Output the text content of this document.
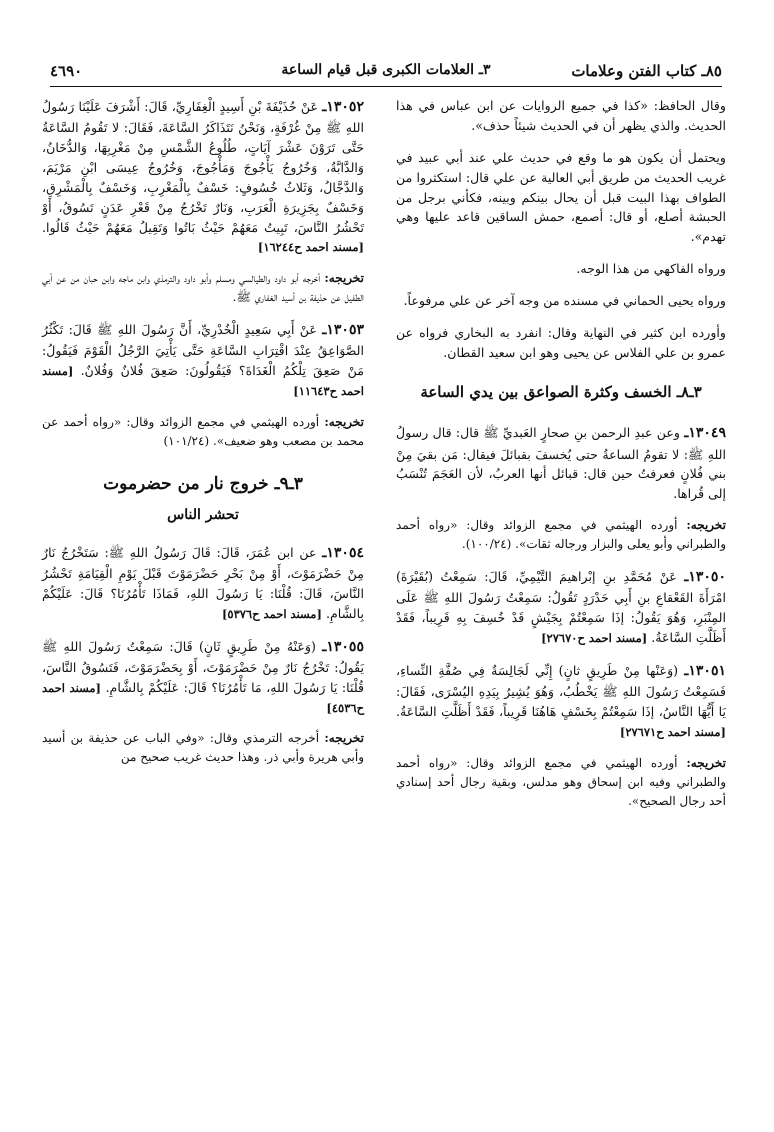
٨٥ـ كتاب الفتن وعلامات
٣ـ العلامات الكبرى قبل قيام الساعة
٤٦٩٠

وقال الحافظ: «كذا في جميع الروايات عن ابن عباس في هذا الحديث. والذي يظهر أن في الحديث شيئاً حذف».

ويحتمل أن يكون هو ما وقع في حديث علي عند أبي عبيد في غريب الحديث من طريق أبي العالية عن علي قال: استكثروا من الطواف بهذا البيت قبل أن يحال بينكم وبينه، فكأني برجل من الحبشة أصلع، أو قال: أصمع، حمش الساقين قاعد عليها وهي تهدم».

ورواه الفاكهي من هذا الوجه.

ورواه يحيى الحماني في مسنده من وجه آخر عن علي مرفوعاً.

وأورده ابن كثير في النهاية وقال: انفرد به البخاري فرواه عن عمرو بن علي الفلاس عن يحيى وهو ابن سعيد القطان.

٣ـ٨ـ الخسف وكثرة الصواعق بين يدي الساعة

١٣٠٤٩ـ وعن عبدِ الرحمن بنِ صحارٍ العَبديِّ ﷺ قال: قال رسولُ اللهِ ﷺ: لا تقومُ الساعةُ حتى يُخسفَ بقبائلَ فيقال: مَن بقيَ مِنْ بني فُلانٍ فعرفتُ حين قال: قبائل أنها العربُ، لأن العَجَمَ تُنْسَبُ إلى قُراها.

تخريجه: أورده الهيثمي في مجمع الزوائد وقال: «رواه أحمد والطبراني وأبو يعلى والبزار ورجاله ثقات». (١٠٠/٢٤).

١٣٠٥٠ـ عَنْ مُحَمَّدِ بنِ إبْراهيمَ التَّيْمِيِّ، قَالَ: سَمِعْتُ (بُقَيْرَةَ) امْرَأَةَ القَعْقاعِ بنِ أَبِي حَدْرَدٍ تَقُولُ: سَمِعْتُ رَسُولَ اللهِ ﷺ عَلَى المِنْبَرِ، وَهُوَ يَقُولُ: إذَا سَمِعْتُمْ بِجَيْشٍ قَدْ خُسِفَ بِهِ قَرِيباً، فَقَدْ أَظَلَّتِ السَّاعَةُ. [مسند احمد ح٢٧٦٧٠]

١٣٠٥١ـ (وَعَنْها مِنْ طَرِيقٍ ثانٍ) إِنِّي لَجَالِسَةٌ فِي صُفَّةِ النِّساءِ، فَسَمِعْتُ رَسُولَ اللهِ ﷺ يَخْطُبُ، وَهُوَ يُشِيرُ بِيَدِهِ اليُسْرَى، فَقَالَ: يَا أَيُّهَا النَّاسُ، إذَا سَمِعْتُمْ بِخَسْفٍ هَاهُنَا قَرِيباً، فَقَدْ أَظَلَّتِ السَّاعَةُ. [مسند احمد ح٢٧٦٧١]

تخريجه: أورده الهيثمي في مجمع الزوائد وقال: «رواه أحمد والطبراني وفيه ابن إسحاق وهو مدلس، وبقية رجال أحد إسنادي أحد رجال الصحيح».

١٣٠٥٢ـ عَنْ حُذَيْفَةَ بْنِ أَسِيدٍ الْغِفَارِيِّ، قَالَ: أَشْرَفَ عَلَيْنَا رَسُولُ اللهِ ﷺ مِنْ غُرْفَةٍ، وَنَحْنُ نَتَذَاكَرُ السَّاعَةَ، فَقَالَ: لا تَقُومُ السَّاعَةُ حَتَّى تَرَوْنَ عَشْرَ آيَاتٍ، طُلُوعُ الشَّمْسِ مِنْ مَغْرِبِهَا، وَالدُّخَانُ، وَالدَّابَّةُ، وَخُرُوجُ يَأْجُوجَ وَمَأْجُوجَ، وَخُرُوجُ عِيسَى ابْنِ مَرْيَمَ، وَالدَّجَّالُ، وَثَلاثُ خُسُوفٍ: خَسْفٌ بِالْمَغْرِبِ، وَخَسْفٌ بِالْمَشْرِقِ، وَخَسْفٌ بِجَزِيرَةِ الْعَرَبِ، وَنَارٌ تَخْرُجُ مِنْ قَعْرِ عَدَنٍ تَسُوقُ، أَوْ تَحْشُرُ النَّاسَ، تَبِيتُ مَعَهُمْ حَيْثُ بَاتُوا وَتَقِيلُ مَعَهُمْ حَيْثُ قَالُوا. [مسند احمد ح١٦٢٤٤]

تخريجه: أخرجه أبو داود والطيالسي ومسلم وأبو داود والترمذي وابن ماجه وابن حبان من عن أبي الطفيل عن حذيفة بن أسيد الغفاري ﷺ.

١٣٠٥٣ـ عَنْ أَبِي سَعِيدٍ الْخُدْرِيِّ، أَنَّ رَسُولَ اللهِ ﷺ قَالَ: تَكْثُرُ الصَّوَاعِقُ عِنْدَ اقْتِرَابِ السَّاعَةِ حَتَّى يَأْتِيَ الرَّجُلُ الْقَوْمَ فَيَقُولُ: مَنْ صَعِقَ تِلْكُمُ الْغَدَاةَ؟ فَيَقُولُونَ: صَعِقَ فُلانٌ وَفُلانٌ. [مسند احمد ح١١٦٤٣]

تخريجه: أورده الهيثمي في مجمع الزوائد وقال: «رواه أحمد عن محمد بن مصعب وهو ضعيف». (١٠١/٢٤)

٣ـ٩ـ خروج نار من حضرموت
تحشر الناس

١٣٠٥٤ـ عن ابن عُمَرَ، قَالَ: قَالَ رَسُولُ اللهِ ﷺ: سَتَخْرُجُ نَارٌ مِنْ حَضْرَمَوْتَ، أَوْ مِنْ بَحْرِ حَضْرَمَوْتَ قَبْلَ يَوْمِ الْقِيَامَةِ تَحْشُرُ النَّاسَ، قَالَ: قُلْنَا: يَا رَسُولَ اللهِ، فَمَاذَا تَأْمُرُنَا؟ قَالَ: عَلَيْكُمْ بِالشَّامِ. [مسند احمد ح٥٣٧٦]

١٣٠٥٥ـ (وَعَنْهُ مِنْ طَرِيقٍ ثَانٍ) قَالَ: سَمِعْتُ رَسُولَ اللهِ ﷺ يَقُولُ: تَخْرُجُ نَارٌ مِنْ حَضْرَمَوْتَ، أَوْ بِحَضْرَمَوْتَ، فَتَسُوقُ النَّاسَ، قُلْنَا: يَا رَسُولَ اللهِ، مَا تَأْمُرُنَا؟ قَالَ: عَلَيْكُمْ بِالشَّامِ. [مسند احمد ح٤٥٣٦]

تخريجه: أخرجه الترمذي وقال: «وفي الباب عن حذيفة بن أسيد وأبي هريرة وأبي ذر. وهذا حديث غريب صحيح من
